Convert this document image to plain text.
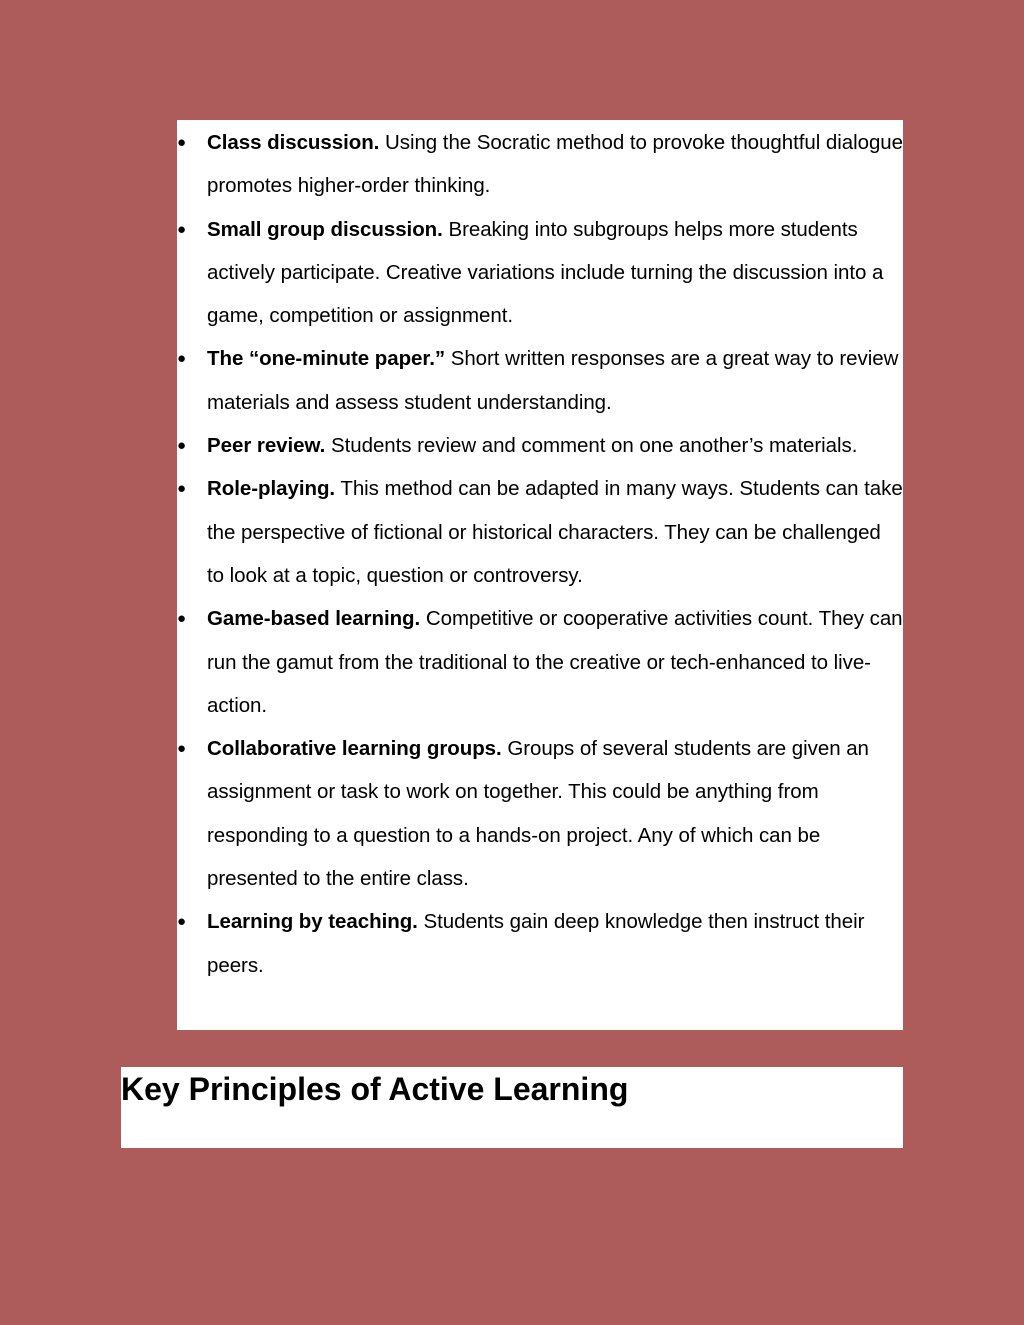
● Class discussion. Using the Socratic method to provoke thoughtful dialogue promotes higher-order thinking.
● Small group discussion. Breaking into subgroups helps more students actively participate. Creative variations include turning the discussion into a game, competition or assignment.
● The “one-minute paper.” Short written responses are a great way to review materials and assess student understanding.
● Peer review. Students review and comment on one another’s materials.
● Role-playing. This method can be adapted in many ways. Students can take the perspective of fictional or historical characters. They can be challenged to look at a topic, question or controversy.
● Game-based learning. Competitive or cooperative activities count. They can run the gamut from the traditional to the creative or tech-enhanced to live-action.
● Collaborative learning groups. Groups of several students are given an assignment or task to work on together. This could be anything from responding to a question to a hands-on project. Any of which can be presented to the entire class.
● Learning by teaching. Students gain deep knowledge then instruct their peers.
Key Principles of Active Learning
